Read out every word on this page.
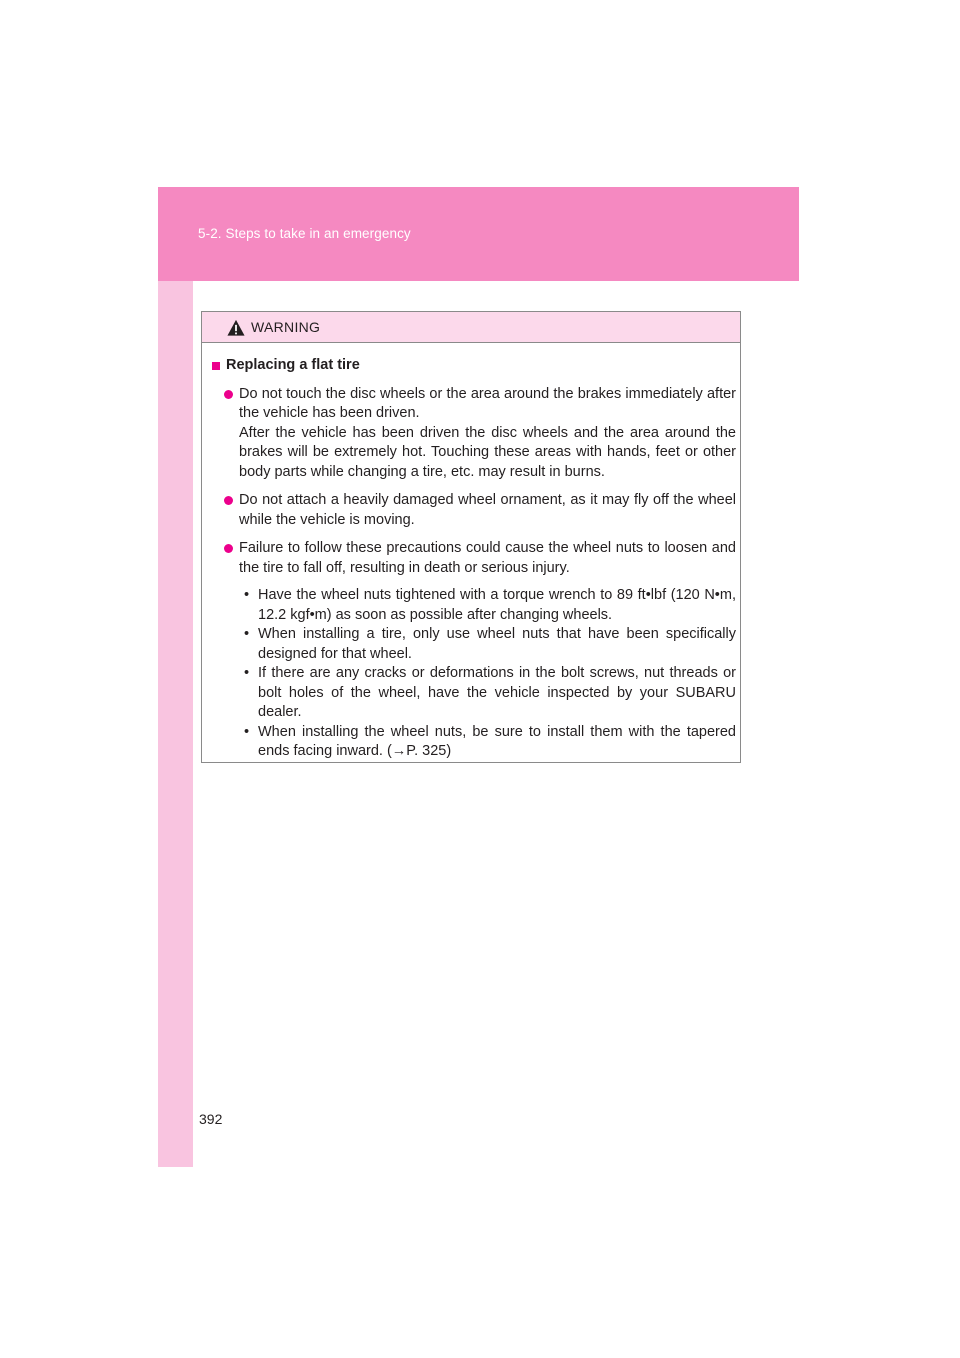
5-2. Steps to take in an emergency
WARNING
Replacing a flat tire

Do not touch the disc wheels or the area around the brakes immediately after the vehicle has been driven.

After the vehicle has been driven the disc wheels and the area around the brakes will be extremely hot. Touching these areas with hands, feet or other body parts while changing a tire, etc. may result in burns.

Do not attach a heavily damaged wheel ornament, as it may fly off the wheel while the vehicle is moving.

Failure to follow these precautions could cause the wheel nuts to loosen and the tire to fall off, resulting in death or serious injury.

• Have the wheel nuts tightened with a torque wrench to 89 ft•lbf (120 N•m, 12.2 kgf•m) as soon as possible after changing wheels.

• When installing a tire, only use wheel nuts that have been specifically designed for that wheel.

• If there are any cracks or deformations in the bolt screws, nut threads or bolt holes of the wheel, have the vehicle inspected by your SUBARU dealer.

• When installing the wheel nuts, be sure to install them with the tapered ends facing inward. (→P. 325)

392
